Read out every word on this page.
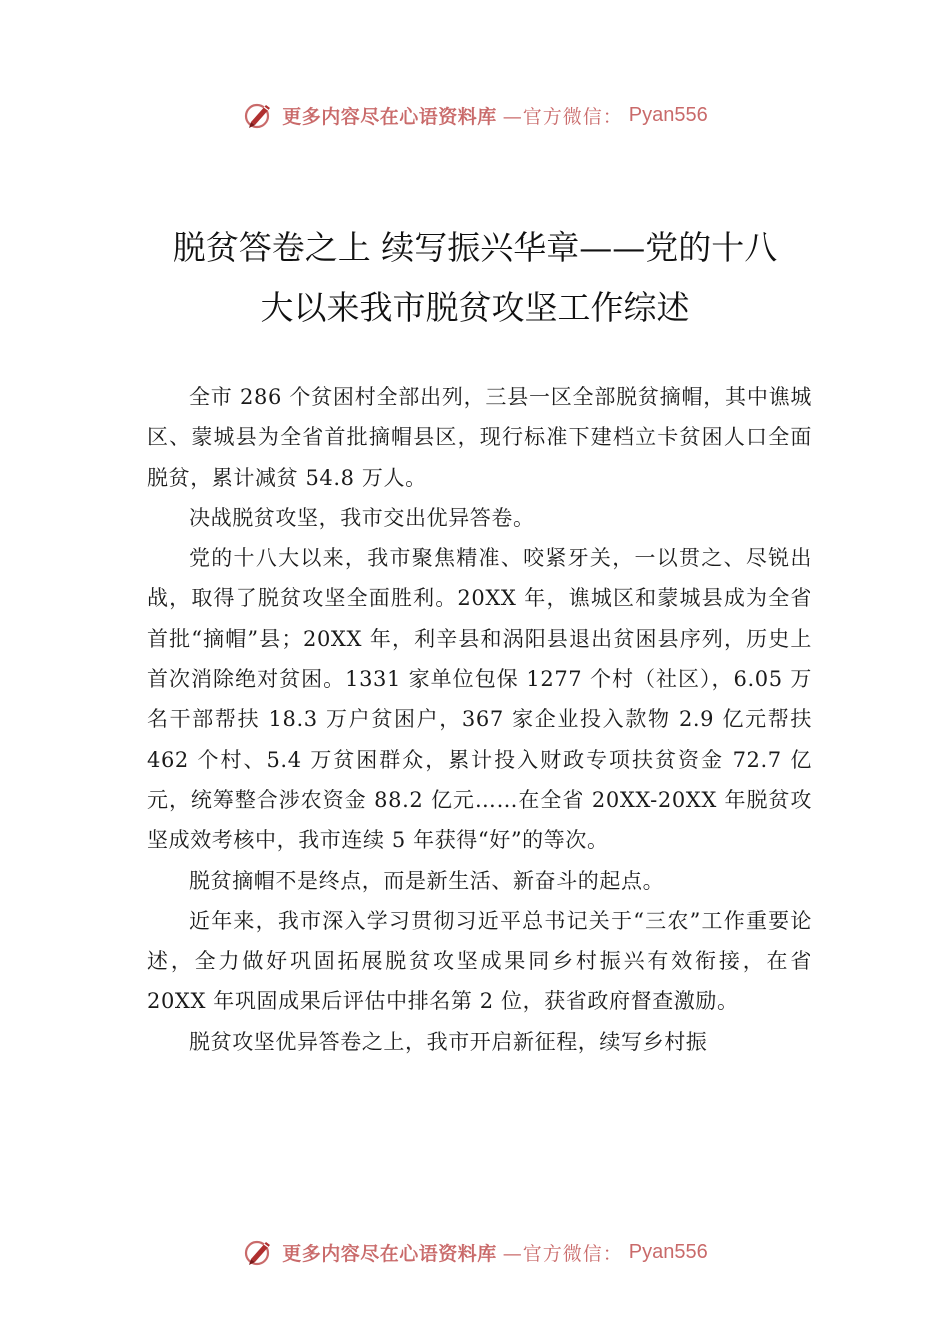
更多内容尽在心语资料库 —官方微信： Pyan556
脱贫答卷之上 续写振兴华章——党的十八
大以来我市脱贫攻坚工作综述

全市 286 个贫困村全部出列，三县一区全部脱贫摘帽，其中谯城区、蒙城县为全省首批摘帽县区，现行标准下建档立卡贫困人口全面脱贫，累计减贫 54.8 万人。

决战脱贫攻坚，我市交出优异答卷。

党的十八大以来，我市聚焦精准、咬紧牙关，一以贯之、尽锐出战，取得了脱贫攻坚全面胜利。20XX 年，谯城区和蒙城县成为全省首批“摘帽”县；20XX 年，利辛县和涡阳县退出贫困县序列，历史上首次消除绝对贫困。1331 家单位包保 1277 个村（社区），6.05 万名干部帮扶 18.3 万户贫困户，367 家企业投入款物 2.9 亿元帮扶 462 个村、5.4 万贫困群众，累计投入财政专项扶贫资金 72.7 亿元，统筹整合涉农资金 88.2 亿元……在全省 20XX-20XX 年脱贫攻坚成效考核中，我市连续 5 年获得“好”的等次。

脱贫摘帽不是终点，而是新生活、新奋斗的起点。

近年来，我市深入学习贯彻习近平总书记关于“三农”工作重要论述，全力做好巩固拓展脱贫攻坚成果同乡村振兴有效衔接，在省 20XX 年巩固成果后评估中排名第 2 位，获省政府督查激励。

脱贫攻坚优异答卷之上，我市开启新征程，续写乡村振

更多内容尽在心语资料库 —官方微信： Pyan556
